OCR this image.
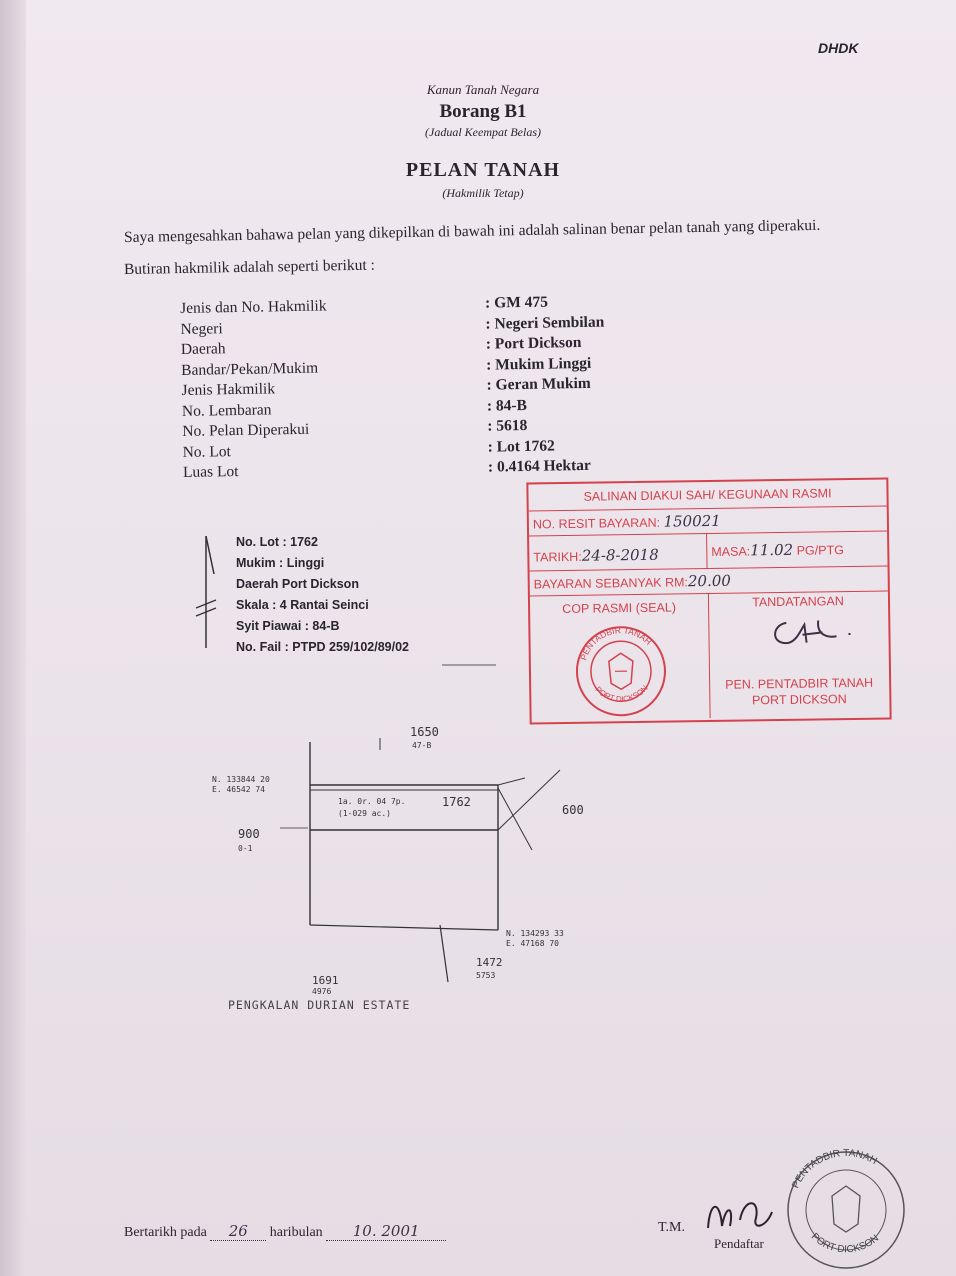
DHDK
Kanun Tanah Negara
Borang B1
(Jadual Keempat Belas)
PELAN TANAH
(Hakmilik Tetap)
Saya mengesahkan bahawa pelan yang dikepilkan di bawah ini adalah salinan benar pelan tanah yang diperakui.
Butiran hakmilik adalah seperti berikut :
Jenis dan No. Hakmilik	: GM 475
Negeri	: Negeri Sembilan
Daerah	: Port Dickson
Bandar/Pekan/Mukim	: Mukim Linggi
Jenis Hakmilik	: Geran Mukim
No. Lembaran	: 84-B
No. Pelan Diperakui	: 5618
No. Lot	: Lot 1762
Luas Lot	: 0.4164 Hektar
No. Lot : 1762
Mukim : Linggi
Daerah Port Dickson
Skala : 4 Rantai Seinci
Syit Piawai : 84-B
No. Fail : PTPD 259/102/89/02
SALINAN DIAKUI SAH/ KEGUNAAN RASMI
NO. RESIT BAYARAN: 150021
TARIKH:24-8-2018	MASA:11.02 PG/PTG
BAYARAN SEBANYAK RM:20.00
COP RASMI (SEAL)
PENTADBIR TANAH
PORT DICKSON
TANDATANGAN
PEN. PENTADBIR TANAH
PORT DICKSON
1650
47-B
N. 133844 20
E. 46542 74
900
0-1
600
1762
1a. 0r. 04 7p.
(1-029 ac.)
N. 134293 33
E. 47168 70
1472
5753
1691
4976
PENGKALAN DURIAN ESTATE
Bertarikh pada 26 haribulan 10. 2001	T.M.
Pendaftar
PENTADBIR TANAH
PORT DICKSON
